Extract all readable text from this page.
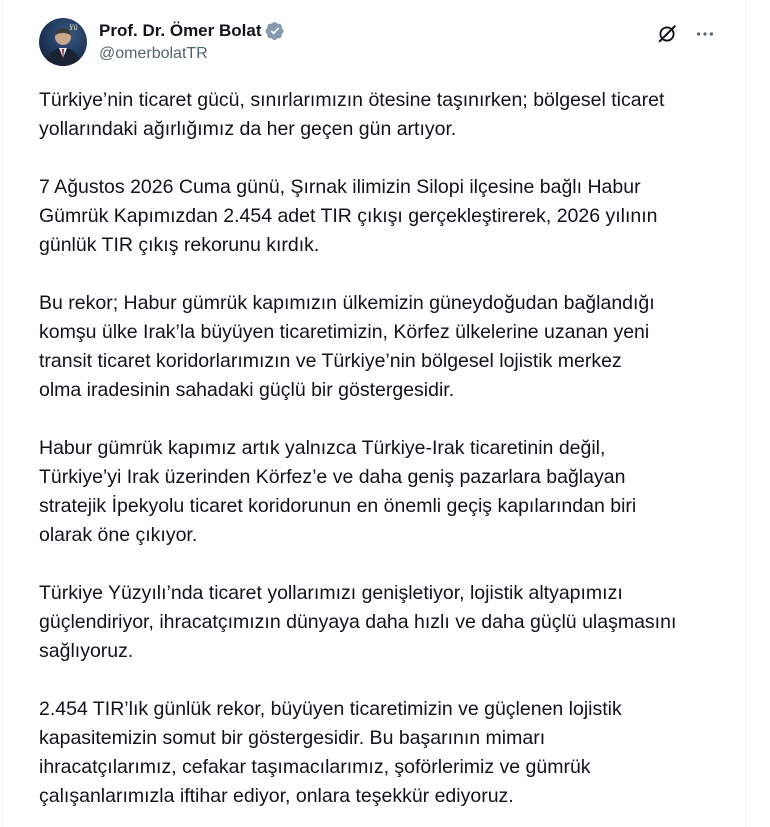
Yü Prof. Dr. Ömer Bolat
@omerbolatTR

Türkiye’nin ticaret gücü, sınırlarımızın ötesine taşınırken; bölgesel ticaret
yollarındaki ağırlığımız da her geçen gün artıyor.

7 Ağustos 2026 Cuma günü, Şırnak ilimizin Silopi ilçesine bağlı Habur
Gümrük Kapımızdan 2.454 adet TIR çıkışı gerçekleştirerek, 2026 yılının
günlük TIR çıkış rekorunu kırdık.

Bu rekor; Habur gümrük kapımızın ülkemizin güneydoğudan bağlandığı
komşu ülke Irak’la büyüyen ticaretimizin, Körfez ülkelerine uzanan yeni
transit ticaret koridorlarımızın ve Türkiye’nin bölgesel lojistik merkez
olma iradesinin sahadaki güçlü bir göstergesidir.

Habur gümrük kapımız artık yalnızca Türkiye-Irak ticaretinin değil,
Türkiye’yi Irak üzerinden Körfez’e ve daha geniş pazarlara bağlayan
stratejik İpekyolu ticaret koridorunun en önemli geçiş kapılarından biri
olarak öne çıkıyor.

Türkiye Yüzyılı’nda ticaret yollarımızı genişletiyor, lojistik altyapımızı
güçlendiriyor, ihracatçımızın dünyaya daha hızlı ve daha güçlü ulaşmasını
sağlıyoruz.

2.454 TIR’lık günlük rekor, büyüyen ticaretimizin ve güçlenen lojistik
kapasitemizin somut bir göstergesidir. Bu başarının mimarı
ihracatçılarımız, cefakar taşımacılarımız, şoförlerimiz ve gümrük
çalışanlarımızla iftihar ediyor, onlara teşekkür ediyoruz.
